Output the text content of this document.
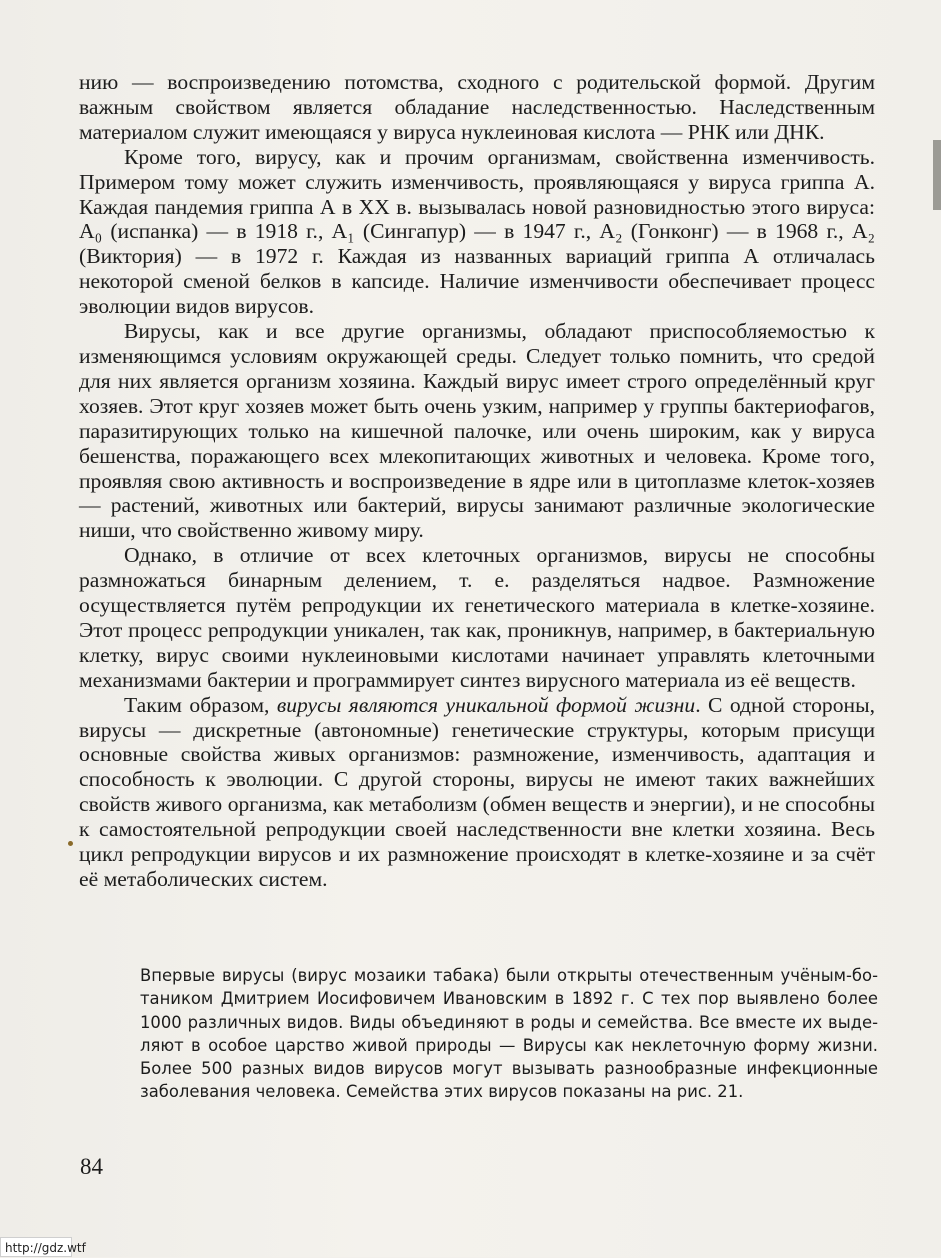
нию — воспроизведению потомства, сходного с родительской формой. Другим важным свойством является обладание наследственностью. Наследственным материалом служит имеющаяся у вируса нуклеиновая кислота — РНК или ДНК.

Кроме того, вирусу, как и прочим организмам, свойственна изменчивость. Примером тому может служить изменчивость, проявляющаяся у вируса гриппа А. Каждая пандемия гриппа А в XX в. вызывалась новой разновидностью этого вируса: A₀ (испанка) — в 1918 г., A₁ (Сингапур) — в 1947 г., A₂ (Гонконг) — в 1968 г., A₂ (Виктория) — в 1972 г. Каждая из названных вариаций гриппа А отличалась некоторой сменой белков в капсиде. Наличие изменчивости обеспечивает процесс эволюции видов вирусов.

Вирусы, как и все другие организмы, обладают приспособляемостью к изменяющимся условиям окружающей среды. Следует только помнить, что средой для них является организм хозяина. Каждый вирус имеет строго определённый круг хозяев. Этот круг хозяев может быть очень узким, например у группы бактериофагов, паразитирующих только на кишечной палочке, или очень широким, как у вируса бешенства, поражающего всех млекопитающих животных и человека. Кроме того, проявляя свою активность и воспроизведение в ядре или в цитоплазме клеток-хозяев — растений, животных или бактерий, вирусы занимают различные экологические ниши, что свойственно живому миру.

Однако, в отличие от всех клеточных организмов, вирусы не способны размножаться бинарным делением, т. е. разделяться надвое. Размножение осуществляется путём репродукции их генетического материала в клетке-хозяине. Этот процесс репродукции уникален, так как, проникнув, например, в бактериальную клетку, вирус своими нуклеиновыми кислотами начинает управлять клеточными механизмами бактерии и программирует синтез вирусного материала из её веществ.

Таким образом, вирусы являются уникальной формой жизни. С одной стороны, вирусы — дискретные (автономные) генетические структуры, которым присущи основные свойства живых организмов: размножение, изменчивость, адаптация и способность к эволюции. С другой стороны, вирусы не имеют таких важнейших свойств живого организма, как метаболизм (обмен веществ и энергии), и не способны к самостоятельной репродукции своей наследственности вне клетки хозяина. Весь цикл репродукции вирусов и их размножение происходят в клетке-хозяине и за счёт её метаболических систем.

Впервые вирусы (вирус мозаики табака) были открыты отечественным учёным-ботаником Дмитрием Иосифовичем Ивановским в 1892 г. С тех пор выявлено более 1000 различных видов. Виды объединяют в роды и семейства. Все вместе их выделяют в особое царство живой природы — Вирусы как неклеточную форму жизни. Более 500 разных видов вирусов могут вызывать разнообразные инфекционные заболевания человека. Семейства этих вирусов показаны на рис. 21.

84
http://gdz.wtf
